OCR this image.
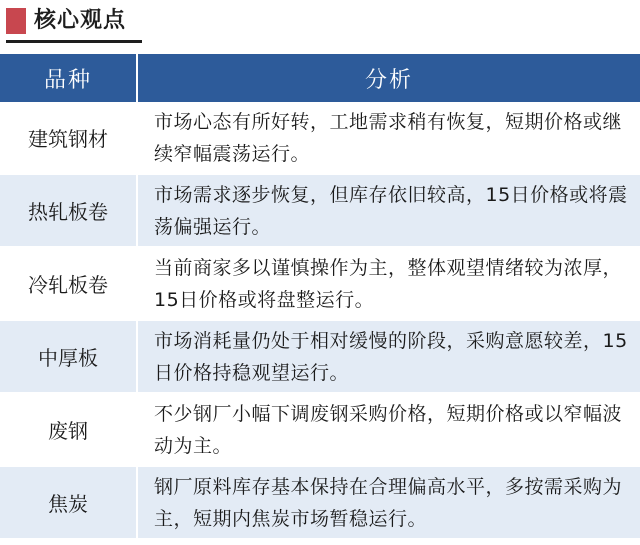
核心观点
品种	分析
建筑钢材	市场心态有所好转，工地需求稍有恢复，短期价格或继续窄幅震荡运行。
热轧板卷	市场需求逐步恢复，但库存依旧较高，15日价格或将震荡偏强运行。
冷轧板卷	当前商家多以谨慎操作为主，整体观望情绪较为浓厚，15日价格或将盘整运行。
中厚板	市场消耗量仍处于相对缓慢的阶段，采购意愿较差，15日价格持稳观望运行。
废钢	不少钢厂小幅下调废钢采购价格，短期价格或以窄幅波动为主。
焦炭	钢厂原料库存基本保持在合理偏高水平，多按需采购为主，短期内焦炭市场暂稳运行。
